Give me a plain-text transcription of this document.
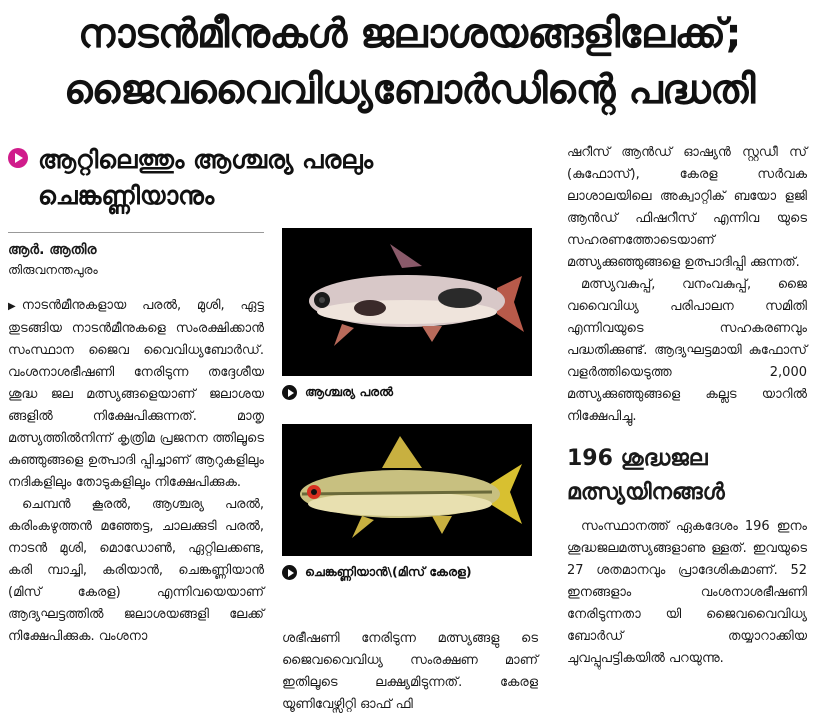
നാടൻമീനുകൾ ജലാശയങ്ങളിലേക്ക്;
ജൈവവൈവിധ്യബോർഡിന്റെ പദ്ധതി
ആറ്റിലെത്തും ആശ്ചര്യ പരലും
ചെങ്കണ്ണിയാനും
ആർ. ആതിര
തിരുവനന്തപുരം

▶ നാടൻമീനുകളായ പരൽ, മുശി, ഏട്ട തുടങ്ങിയ നാടൻമീനുകളെ സംരക്ഷിക്കാൻ സംസ്ഥാന ജൈവ വൈവിധ്യബോർഡ്. വംശനാശഭീഷണി നേരിടുന്ന തദ്ദേശീയ ശുദ്ധ ജല മത്സ്യങ്ങളെയാണ് ജലാശയ ങ്ങളിൽ നിക്ഷേപിക്കുന്നത്. മാതൃ മത്സ്യത്തിൽനിന്ന് കൃത്രിമ പ്രജനന ത്തിലൂടെ കുഞ്ഞുങ്ങളെ ഉത്പാദി പ്പിച്ചാണ് ആറുകളിലും നദികളിലും തോടുകളിലും നിക്ഷേപിക്കുക.

ചെമ്പൻ കൂരൽ, ആശ്ചര്യ പരൽ, കരിംകഴുത്തൻ മഞ്ഞേട്ട, ചാലക്കുടി പരൽ, നാടൻ മുശി, മൊഡോൺ, ഏറ്റിലക്കണ്ട, കരി മ്പാച്ചി, കരിയാൻ, ചെങ്കണ്ണിയാൻ (മിസ് കേരള) എന്നിവയെയാണ് ആദ്യഘട്ടത്തിൽ ജലാശയങ്ങളി ലേക്ക് നിക്ഷേപിക്കുക. വംശനാ

ആശ്ചര്യ പരൽ
ചെങ്കണ്ണിയാൻ\(മിസ് കേരള)

ശഭീഷണി നേരിടുന്ന മത്സ്യങ്ങളു ടെ ജൈവവൈവിധ്യ സംരക്ഷണ മാണ് ഇതിലൂടെ ലക്ഷ്യമിടുന്നത്. കേരള യൂണിവേഴ്സിറ്റി ഓഫ് ഫി

ഷറീസ് ആൻഡ് ഓഷ്യൻ സ്റ്റഡീ സ് (കുഫോസ്), കേരള സർവക ലാശാലയിലെ അക്വാറ്റിക് ബയോ ളജി ആൻഡ് ഫിഷറീസ് എന്നിവ യുടെ സഹരണത്തോടെയാണ് മത്സ്യക്കുഞ്ഞുങ്ങളെ ഉത്പാദിപ്പി ക്കുന്നത്.

മത്സ്യവകുപ്പ്, വനംവകുപ്പ്, ജൈ വവൈവിധ്യ പരിപാലന സമിതി എന്നിവയുടെ സഹകരണവും പദ്ധതിക്കുണ്ട്. ആദ്യഘട്ടമായി കുഫോസ് വളർത്തിയെടുത്ത 2,000 മത്സ്യക്കുഞ്ഞുങ്ങളെ കല്ലട യാറിൽ നിക്ഷേപിച്ചു.

196 ശുദ്ധജല
മത്സ്യയിനങ്ങൾ

സംസ്ഥാനത്ത് ഏകദേശം 196 ഇനം ശുദ്ധജലമത്സ്യങ്ങളാണു ള്ളത്. ഇവയുടെ 27 ശതമാനവും പ്രാദേശികമാണ്. 52 ഇനങ്ങളാം വംശനാശഭീഷണി നേരിടുന്നതാ യി ജൈവവൈവിധ്യ ബോർഡ് തയ്യാറാക്കിയ ചുവപ്പുപട്ടികയിൽ പറയുന്നു.
